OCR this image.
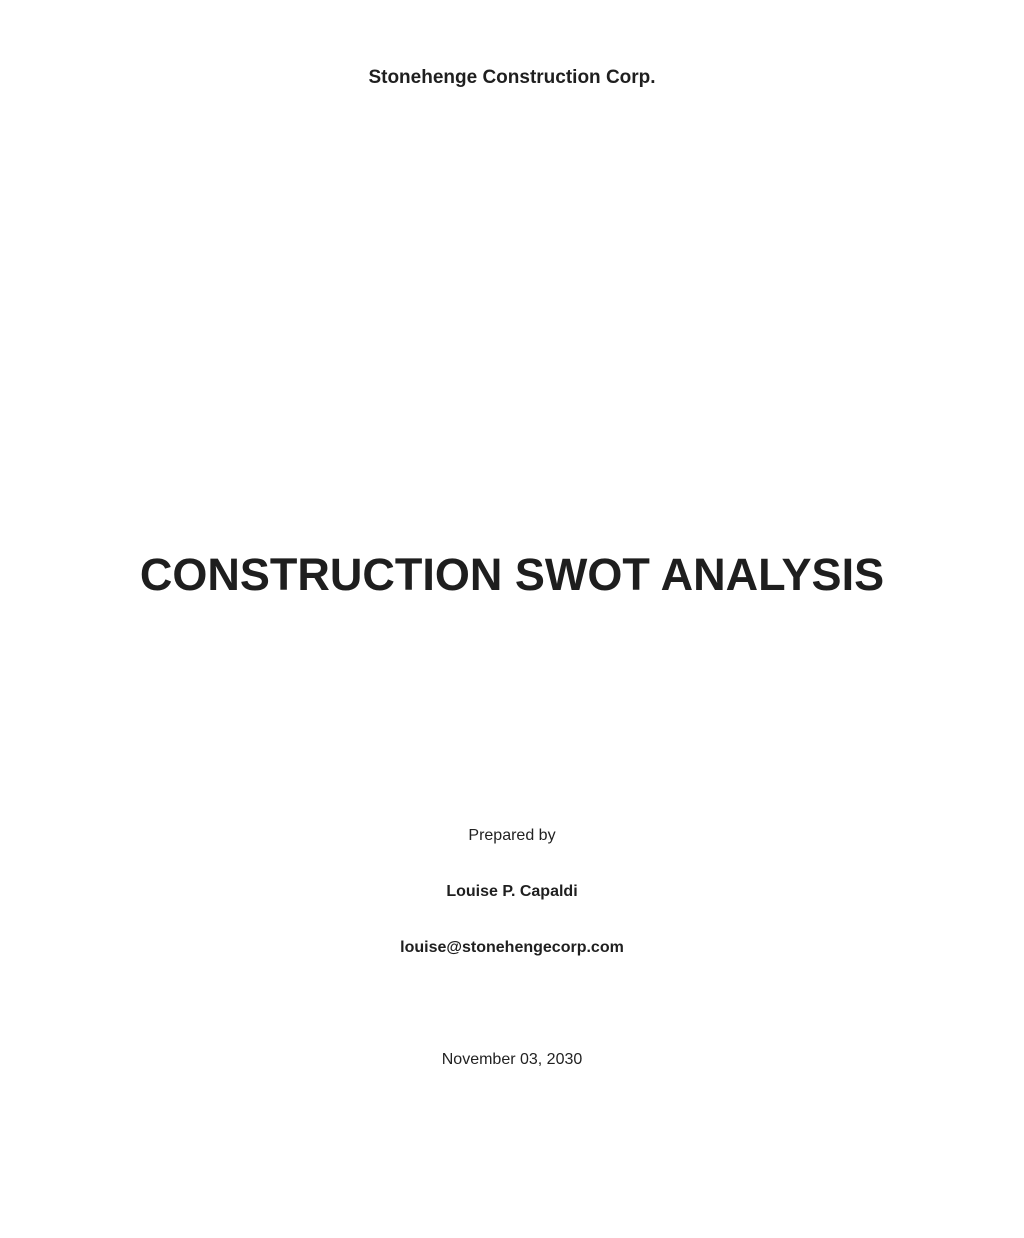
Stonehenge Construction Corp.
CONSTRUCTION SWOT ANALYSIS
Prepared by
Louise P. Capaldi
louise@stonehengecorp.com
November 03, 2030
